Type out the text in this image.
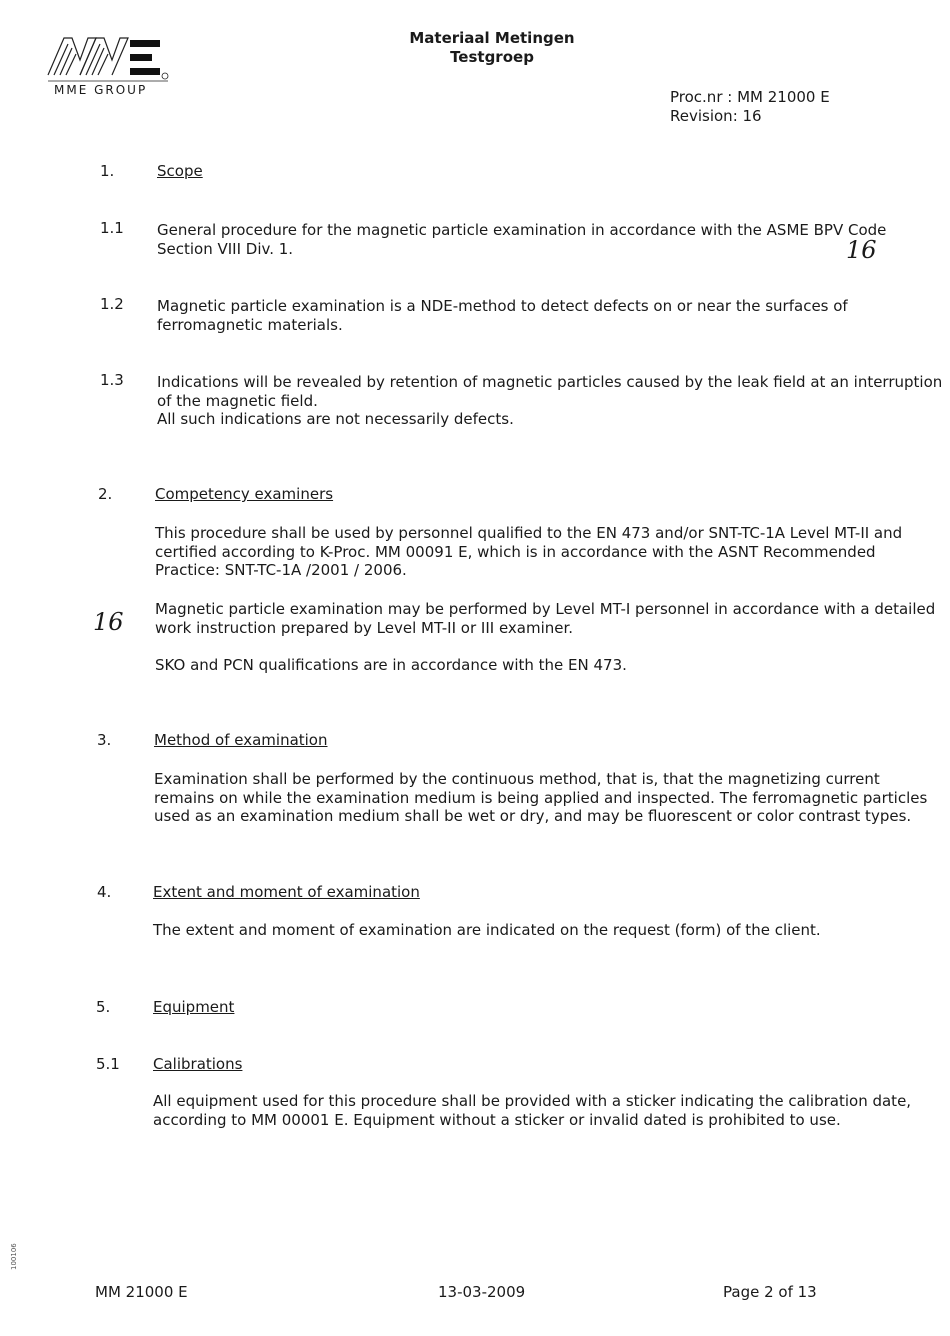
MME GROUP
Materiaal Metingen
Testgroep
Proc.nr : MM 21000 E
Revision: 16
1.	Scope
1.1 General procedure for the magnetic particle examination in accordance with the ASME BPV Code
Section VIII Div. 1.	16
1.2 Magnetic particle examination is a NDE-method to detect defects on or near the surfaces of
ferromagnetic materials.
1.3 Indications will be revealed by retention of magnetic particles caused by the leak field at an interruption
of the magnetic field.
All such indications are not necessarily defects.
2.	Competency examiners
This procedure shall be used by personnel qualified to the EN 473 and/or SNT-TC-1A Level MT-II and
certified according to K-Proc. MM 00091 E, which is in accordance with the ASNT Recommended
Practice: SNT-TC-1A /2001 / 2006.
16 Magnetic particle examination may be performed by Level MT-I personnel in accordance with a detailed
work instruction prepared by Level MT-II or III examiner.
SKO and PCN qualifications are in accordance with the EN 473.
3.	Method of examination
Examination shall be performed by the continuous method, that is, that the magnetizing current
remains on while the examination medium is being applied and inspected. The ferromagnetic particles
used as an examination medium shall be wet or dry, and may be fluorescent or color contrast types.
4.	Extent and moment of examination
The extent and moment of examination are indicated on the request (form) of the client.
5.	Equipment
5.1 Calibrations
All equipment used for this procedure shall be provided with a sticker indicating the calibration date,
according to MM 00001 E. Equipment without a sticker or invalid dated is prohibited to use.
100106
MM 21000 E	13-03-2009	Page 2 of 13
